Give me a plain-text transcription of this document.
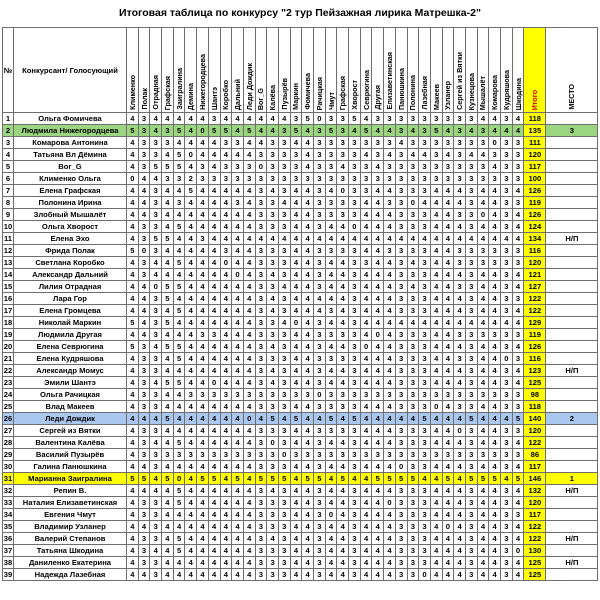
Итоговая таблица по конкурсу "2 тур Пейзажная лирика Матрешка-2"
№	Конкурсант/ Голосующий	Клименко	Полак	Отрадная	Графская	Заигралина	Демина	Нижегородцева	Шантэ	Коробко	Дальний	Леди Дождик	Вог_G	Калёва	Пузырёв	Маркин	Фомичева	Рачицкая	Чмут	Графская	Хворост	Севрюгина	Другая	Елизаветинская	Панюшкина	Полонина	Лазебная	Макеев	Узланер	Сергей из Вятки	Кузнецова	Мышалёт	Комарова	Кудряшова	Шкодина	Итого	МЕСТО
1	Ольга Фомичева	4	3	4	4	4	4	4	3	4	4	4	4	4	4	3	5	0	3	3	5	4	3	3	3	3	3	3	3	3	3	4	4	3	4	118	
2	Людмила Нижегородцева	5	3	4	3	5	4	0	5	5	4	5	4	4	3	5	4	3	5	3	4	5	4	4	3	4	3	5	4	3	4	3	4	4	4	135	3
3	Комарова Антонина	4	3	3	3	4	4	4	4	3	3	4	4	3	3	4	4	3	3	3	3	3	3	3	4	3	3	3	3	3	3	3	0	3	3	111	
4	Татьяна Вл Дёмина	4	3	3	4	5	0	4	4	4	4	4	3	3	3	3	4	3	3	3	3	4	3	4	3	4	4	3	4	3	4	4	3	3	3	120	
5	Вог_G	4	3	5	5	5	4	3	4	3	3	3	0	3	3	3	4	3	3	4	3	3	4	3	3	3	3	3	3	3	3	3	4	3	3	117	
6	Клименко Ольга	0	4	4	3	3	2	3	3	3	3	3	3	3	3	3	3	3	3	3	3	3	3	3	3	3	3	3	3	3	3	3	3	3	3	100	
7	Елена Графская	4	4	3	4	4	5	4	4	4	4	4	3	4	3	4	4	3	4	0	3	3	4	4	3	3	3	4	4	4	3	4	4	3	4	126	
8	Полонина Ирина	4	4	3	4	3	4	4	4	4	3	4	3	3	4	4	4	3	3	3	3	4	4	3	3	0	4	4	4	4	3	4	4	3	3	119	
9	Злобный Мышалёт	4	4	3	4	4	4	4	4	4	4	4	3	3	3	4	4	3	3	3	3	4	4	4	3	3	3	4	4	3	3	0	4	3	4	126	
10	Ольга Хворост	4	3	3	4	5	4	4	4	4	4	4	3	3	3	4	4	3	4	4	0	4	4	4	3	3	3	4	4	4	3	4	4	3	4	124	
11	Елена Эхо	4	3	5	5	4	4	3	4	4	4	4	4	4	4	4	4	4	4	4	4	4	4	4	4	4	4	4	4	4	4	4	4	4	4	134	Н/П
12	Фрида Полак	5	0	3	4	4	4	4	4	3	4	4	3	3	3	4	4	3	3	3	3	4	4	3	3	3	3	4	4	3	3	3	3	3	3	116	
13	Светлана Коробко	4	3	4	4	5	4	4	4	0	4	4	3	3	3	4	4	3	4	4	3	3	4	4	3	4	3	4	4	3	3	3	3	3	3	120	
14	Александр Дальний	4	3	4	4	4	4	4	4	4	0	4	3	4	3	4	4	3	4	4	3	4	4	4	3	3	3	4	4	4	3	4	4	3	4	121	
15	Лилия Отрадная	4	4	0	5	5	4	4	4	4	4	4	3	3	4	4	4	3	4	4	3	4	4	4	3	4	3	4	4	3	3	4	4	3	4	127	
16	Лара Гор	4	4	3	5	4	4	4	4	4	4	4	3	4	3	4	4	4	4	4	3	4	4	4	3	3	3	4	4	4	3	4	4	3	3	122	
17	Елена Громцева	4	4	3	4	5	4	4	4	4	4	4	3	4	3	4	4	4	3	4	3	4	4	4	3	3	3	4	4	4	3	4	4	3	4	122	
18	Николай Маркин	5	4	3	5	4	4	4	4	4	4	4	3	3	4	0	4	3	4	4	3	4	4	4	4	4	4	4	4	4	4	4	4	4	4	129	
19	Людмила Другая	4	4	3	4	4	4	3	3	4	4	4	3	3	3	4	4	3	3	3	3	4	0	4	3	3	3	4	4	3	3	3	3	3	3	119	
20	Елена Севрюгина	5	3	4	5	5	4	4	4	4	4	4	3	4	3	4	4	3	4	4	3	0	4	4	3	3	3	4	4	4	3	4	4	3	4	126	
21	Елена Кудряшова	4	3	3	4	5	4	4	4	4	4	4	3	3	3	4	4	3	3	3	3	4	4	4	3	3	3	4	4	3	3	4	4	0	3	116	
22	Александр Момус	4	3	3	4	4	4	4	4	4	4	4	3	4	3	4	4	3	4	4	3	4	4	4	3	3	3	4	4	4	3	4	4	3	4	123	Н/П
23	Эмили Шантэ	4	3	4	5	5	4	4	0	4	4	4	3	4	3	4	4	3	4	4	3	4	4	4	3	3	3	4	4	4	3	4	4	3	4	125	
24	Ольга Рачицкая	4	3	3	4	4	3	3	3	3	3	3	3	3	3	3	3	0	3	3	3	3	3	3	3	3	3	3	3	3	3	3	3	3	3	98	
25	Влад Макеев	4	3	3	4	4	4	4	4	4	4	4	3	3	3	4	4	3	3	3	3	4	4	4	3	3	3	0	4	3	3	4	4	3	3	118	
26	Леди Дождик	4	4	4	5	4	4	4	4	4	4	0	4	5	4	5	4	4	5	4	5	4	4	4	4	4	5	4	4	4	5	4	4	4	5	140	2
27	Сергей из Вятки	4	3	3	4	4	4	4	4	4	4	4	3	3	3	4	4	3	3	3	3	4	4	4	3	3	3	4	4	0	3	4	4	3	3	120	
28	Валентина Калёва	4	3	4	4	5	4	4	4	4	4	4	3	0	3	4	4	3	4	4	3	4	4	4	3	3	3	4	4	4	3	4	4	3	4	122	
29	Василий Пузырёв	4	3	3	3	3	3	3	3	3	3	3	3	3	0	3	3	3	3	3	3	3	3	3	3	3	3	3	3	3	3	3	3	3	3	86	
30	Галина Панюшкина	4	4	3	4	4	4	4	4	4	4	4	3	3	3	4	4	3	4	4	3	4	4	4	0	3	3	4	4	4	3	4	4	3	4	117	
31	Марианна Заигралина	5	5	4	5	0	4	5	5	4	5	4	5	5	5	4	5	5	4	5	4	4	5	5	5	5	4	4	5	4	5	5	5	4	5	146	1
32	Репин В.	4	4	4	4	5	4	4	4	4	4	4	3	4	3	4	4	3	4	4	3	4	4	4	3	3	3	4	4	4	3	4	4	3	4	132	Н/П
33	Наталия Елизаветинская	4	3	3	4	5	4	4	4	4	4	4	3	3	3	4	4	3	4	4	3	4	4	0	3	3	3	4	4	4	3	4	4	3	4	120	
34	Евгения Чмут	4	3	3	4	4	4	4	4	4	4	4	3	3	3	4	4	3	0	4	3	4	4	4	3	3	3	4	4	4	3	4	4	3	3	117	
35	Владимир Узланер	4	4	3	4	4	4	4	4	4	4	4	3	3	3	4	4	3	4	4	3	4	4	4	3	3	3	4	0	4	3	4	4	3	4	122	
36	Валерий Степанов	4	3	3	4	5	4	4	4	4	4	4	3	4	3	4	4	3	4	4	3	4	4	4	3	3	3	4	4	4	3	4	4	3	4	122	Н/П
37	Татьяна Шкодина	4	3	4	4	5	4	4	4	4	4	4	3	3	3	4	4	3	4	4	3	4	4	4	3	3	3	4	4	4	3	4	4	3	0	130	
38	Даниленко Екатерина	4	3	3	4	4	4	4	4	4	4	4	3	3	3	4	4	3	4	4	3	4	4	4	3	3	3	4	4	4	3	4	4	3	4	125	Н/П
39	Надежда Лазебная	4	4	3	4	4	4	4	4	4	4	4	3	3	3	4	4	3	4	4	3	4	4	4	3	3	0	4	4	4	3	4	4	3	4	125	
